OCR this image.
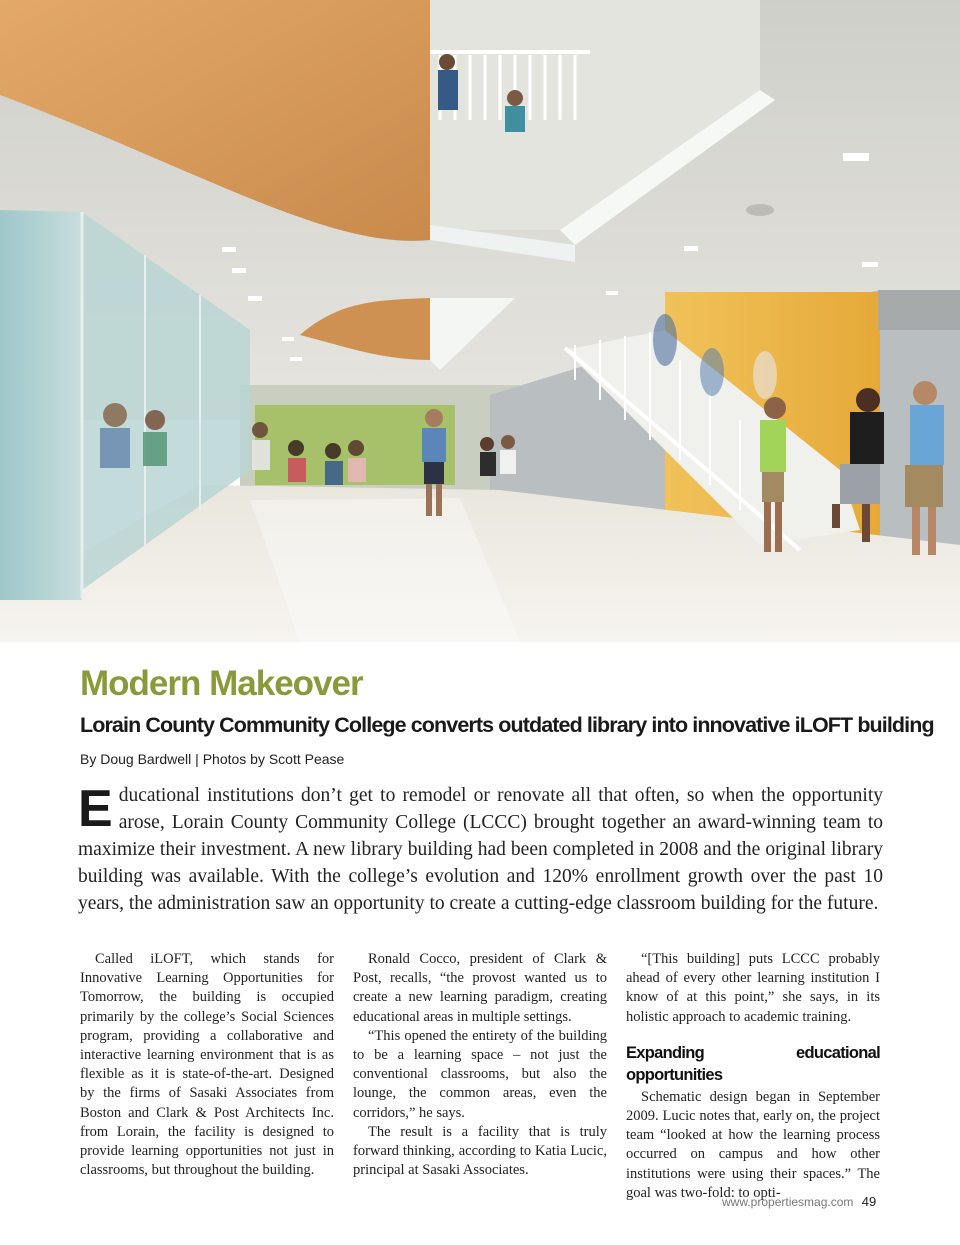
Modern Makeover
Lorain County Community College converts outdated library into innovative iLOFT building
By Doug Bardwell | Photos by Scott Pease

Educational institutions don’t get to remodel or renovate all that often, so when the opportunity arose, Lorain County Community College (LCCC) brought together an award-winning team to maximize their investment. A new library building had been completed in 2008 and the original library building was available. With the college’s evolution and 120% enrollment growth over the past 10 years, the administration saw an opportunity to create a cutting-edge classroom building for the future.

Called iLOFT, which stands for Innovative Learning Opportunities for Tomorrow, the building is occupied primarily by the college’s Social Sciences program, providing a collaborative and interactive learning environment that is as flexible as it is state-of-the-art. Designed by the firms of Sasaki Associates from Boston and Clark & Post Architects Inc. from Lorain, the facility is designed to provide learning opportunities not just in classrooms, but throughout the building.

Ronald Cocco, president of Clark & Post, recalls, “the provost wanted us to create a new learning paradigm, creating educational areas in multiple settings.

“This opened the entirety of the building to be a learning space – not just the conventional classrooms, but also the lounge, the common areas, even the corridors,” he says.

The result is a facility that is truly forward thinking, according to Katia Lucic, principal at Sasaki Associates.

“[This building] puts LCCC probably ahead of every other learning institution I know of at this point,” she says, in its holistic approach to academic training.

Expanding educational opportunities

Schematic design began in September 2009. Lucic notes that, early on, the project team “looked at how the learning process occurred on campus and how other institutions were using their spaces.” The goal was two-fold: to opti-

www.propertiesmag.com 49
